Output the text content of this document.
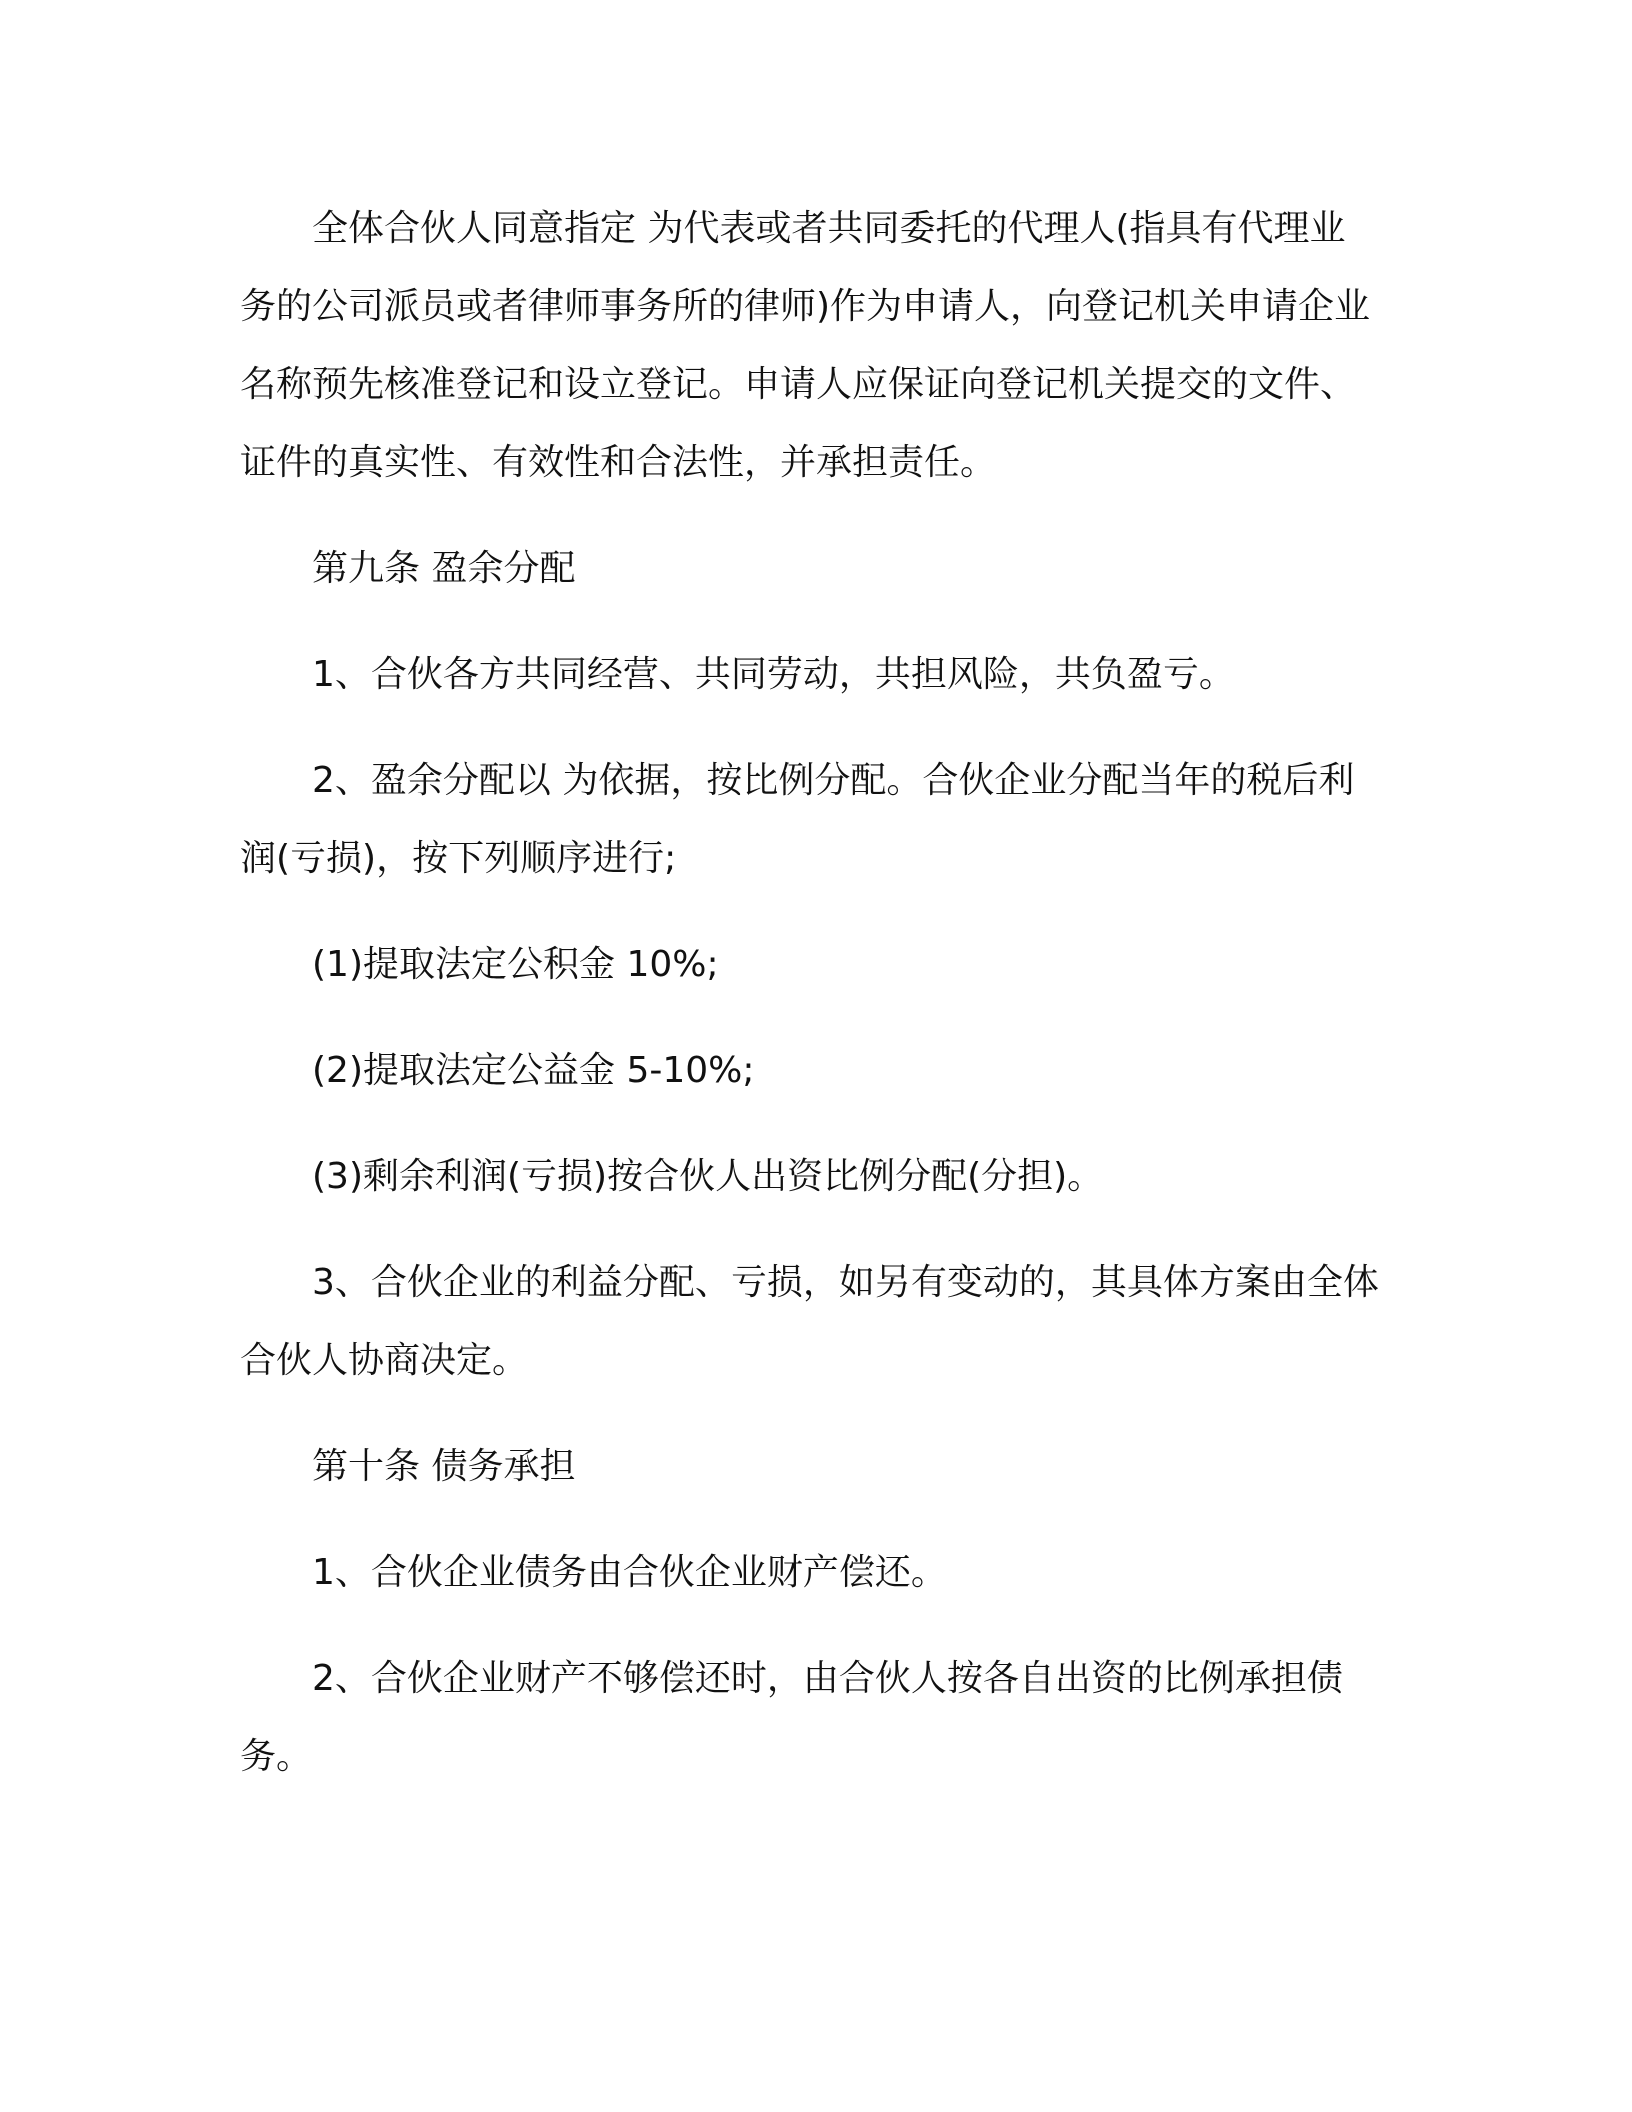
全体合伙人同意指定 为代表或者共同委托的代理人(指具有代理业务的公司派员或者律师事务所的律师)作为申请人，向登记机关申请企业名称预先核准登记和设立登记。申请人应保证向登记机关提交的文件、证件的真实性、有效性和合法性，并承担责任。

第九条 盈余分配

1、合伙各方共同经营、共同劳动，共担风险，共负盈亏。

2、盈余分配以 为依据，按比例分配。合伙企业分配当年的税后利润(亏损)，按下列顺序进行;

(1)提取法定公积金 10%;

(2)提取法定公益金 5-10%;

(3)剩余利润(亏损)按合伙人出资比例分配(分担)。

3、合伙企业的利益分配、亏损，如另有变动的，其具体方案由全体合伙人协商决定。

第十条 债务承担

1、合伙企业债务由合伙企业财产偿还。

2、合伙企业财产不够偿还时，由合伙人按各自出资的比例承担债务。
